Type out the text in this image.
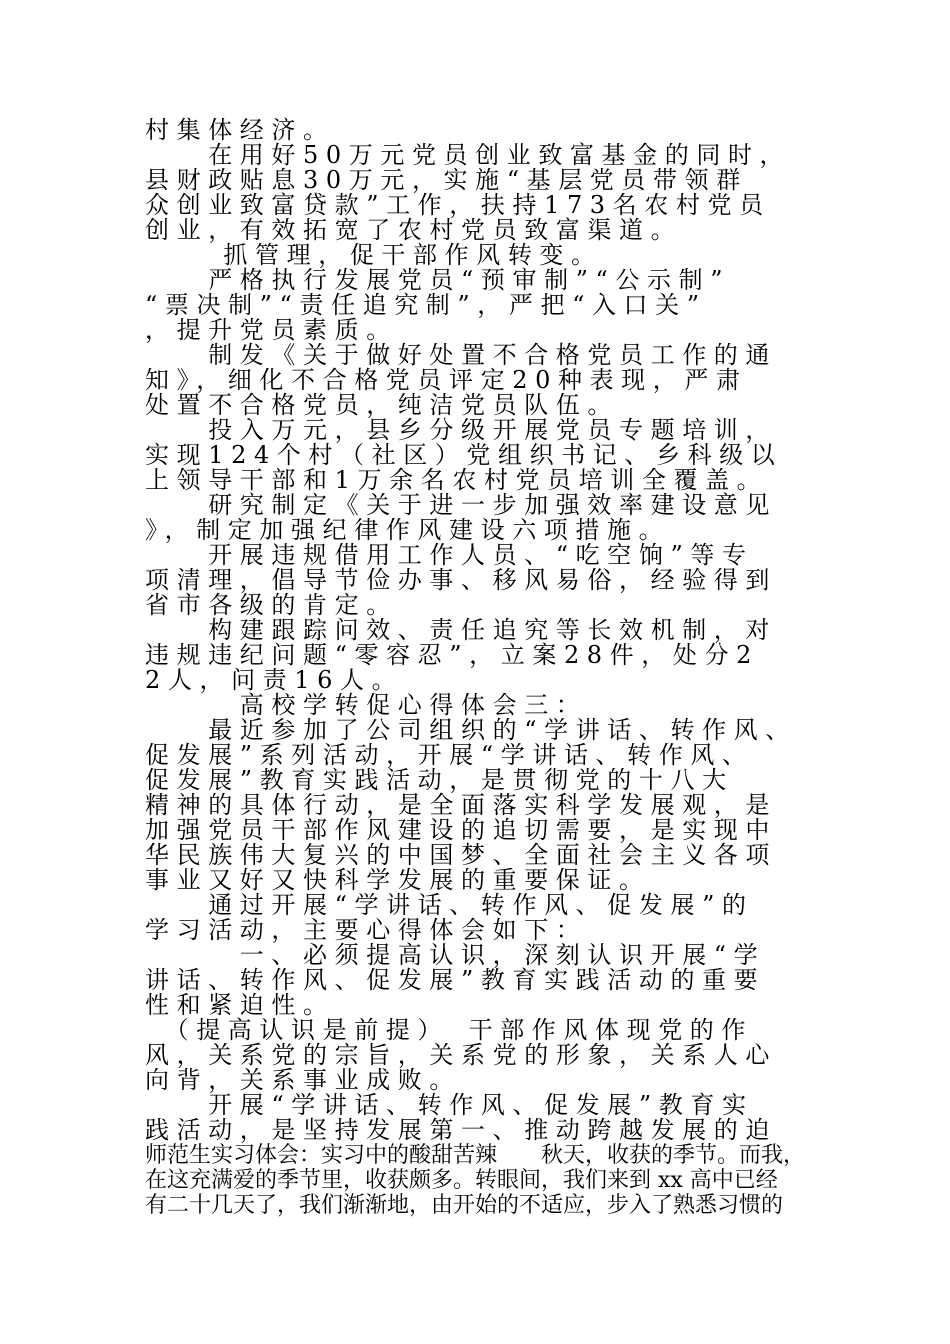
村集体经济。
　　在用好50万元党员创业致富基金的同时，
县财政贴息30万元，实施“基层党员带领群
众创业致富贷款”工作，扶持173名农村党员
创业，有效拓宽了农村党员致富渠道。
　　 抓管理，促干部作风转变。
　　严格执行发展党员“预审制”“公示制”
“票决制”“责任追究制”，严把“入口关”
，提升党员素质。
　　制发《关于做好处置不合格党员工作的通
知》，细化不合格党员评定20种表现，严肃
处置不合格党员，纯洁党员队伍。
　　投入万元，县乡分级开展党员专题培训，
实现124个村（社区）党组织书记、乡科级以
上领导干部和1万余名农村党员培训全覆盖。
　　研究制定《关于进一步加强效率建设意见
》，制定加强纪律作风建设六项措施。
　　开展违规借用工作人员、“吃空饷”等专
项清理，倡导节俭办事、移风易俗，经验得到
省市各级的肯定。
　　构建跟踪问效、责任追究等长效机制，对
违规违纪问题“零容忍”，立案28件，处分2
2人，问责16人。
　　　高校学转促心得体会三：
　　最近参加了公司组织的“学讲话、转作风、
促发展”系列活动，开展“学讲话、转作风、
促发展”教育实践活动，是贯彻党的十八大
精神的具体行动，是全面落实科学发展观，是
加强党员干部作风建设的追切需要，是实现中
华民族伟大复兴的中国梦、全面社会主义各项
事业又好又快科学发展的重要保证。
　　通过开展“学讲话、转作风、促发展”的
学习活动，主要心得体会如下：
　　　一、必须提高认识，深刻认识开展“学
讲话、转作风、促发展”教育实践活动的重要
性和紧迫性。
　（提高认识是前提）　干部作风体现党的作
风，关系党的宗旨，关系党的形象，关系人心
向背，关系事业成败。
　　开展“学讲话、转作风、促发展”教育实
践活动，是坚持发展第一、推动跨越发展的迫
师范生实习体会：实习中的酸甜苦辣　　秋天，收获的季节。而我，
在这充满爱的季节里，收获颇多。转眼间，我们来到 xx 高中已经
有二十几天了，我们渐渐地，由开始的不适应，步入了熟悉习惯的
